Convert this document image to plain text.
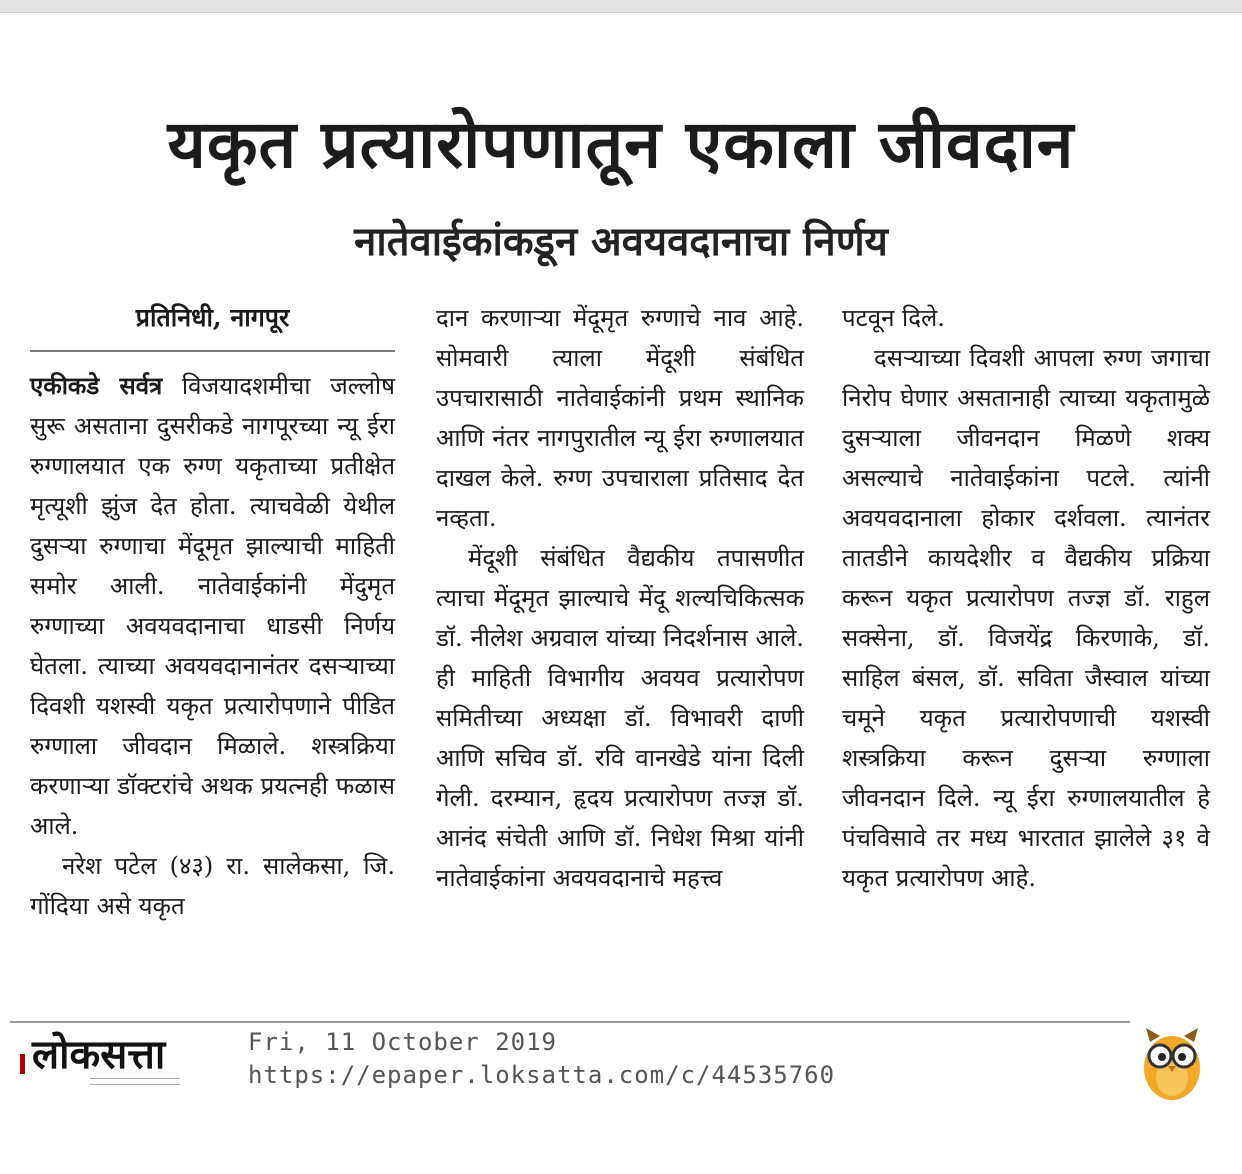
यकृत प्रत्यारोपणातून एकाला जीवदान
नातेवाईकांकडून अवयवदानाचा निर्णय
प्रतिनिधी, नागपूर

एकीकडे सर्वत्र विजयादशमीचा जल्लोष सुरू असताना दुसरीकडे नागपूरच्या न्यू ईरा रुग्णालयात एक रुग्ण यकृताच्या प्रतीक्षेत मृत्यूशी झुंज देत होता. त्याचवेळी येथील दुसऱ्या रुग्णाचा मेंदूमृत झाल्याची माहिती समोर आली. नातेवाईकांनी मेंदुमृत रुग्णाच्या अवयवदानाचा धाडसी निर्णय घेतला. त्याच्या अवयवदानानंतर दसऱ्याच्या दिवशी यशस्वी यकृत प्रत्यारोपणाने पीडित रुग्णाला जीवदान मिळाले. शस्त्रक्रिया करणाऱ्या डॉक्टरांचे अथक प्रयत्नही फळास आले.

नरेश पटेल (४३) रा. सालेकसा, जि. गोंदिया असे यकृत

दान करणाऱ्या मेंदूमृत रुग्णाचे नाव आहे. सोमवारी त्याला मेंदूशी संबंधित उपचारासाठी नातेवाईकांनी प्रथम स्थानिक आणि नंतर नागपुरातील न्यू ईरा रुग्णालयात दाखल केले. रुग्ण उपचाराला प्रतिसाद देत नव्हता.

मेंदूशी संबंधित वैद्यकीय तपासणीत त्याचा मेंदूमृत झाल्याचे मेंदू शल्यचिकित्सक डॉ. नीलेश अग्रवाल यांच्या निदर्शनास आले. ही माहिती विभागीय अवयव प्रत्यारोपण समितीच्या अध्यक्षा डॉ. विभावरी दाणी आणि सचिव डॉ. रवि वानखेडे यांना दिली गेली. दरम्यान, हृदय प्रत्यारोपण तज्ज्ञ डॉ. आनंद संचेती आणि डॉ. निधेश मिश्रा यांनी नातेवाईकांना अवयवदानाचे महत्त्व

पटवून दिले.

दसऱ्याच्या दिवशी आपला रुग्ण जगाचा निरोप घेणार असतानाही त्याच्या यकृतामुळे दुसऱ्याला जीवनदान मिळणे शक्य असल्याचे नातेवाईकांना पटले. त्यांनी अवयवदानाला होकार दर्शवला. त्यानंतर तातडीने कायदेशीर व वैद्यकीय प्रक्रिया करून यकृत प्रत्यारोपण तज्ज्ञ डॉ. राहुल सक्सेना, डॉ. विजयेंद्र किरणाके, डॉ. साहिल बंसल, डॉ. सविता जैस्वाल यांच्या चमूने यकृत प्रत्यारोपणाची यशस्वी शस्त्रक्रिया करून दुसऱ्या रुग्णाला जीवनदान दिले. न्यू ईरा रुग्णालयातील हे पंचविसावे तर मध्य भारतात झालेले ३१ वे यकृत प्रत्यारोपण आहे.

लोकसत्ता	Fri, 11 October 2019
https://epaper.loksatta.com/c/44535760
